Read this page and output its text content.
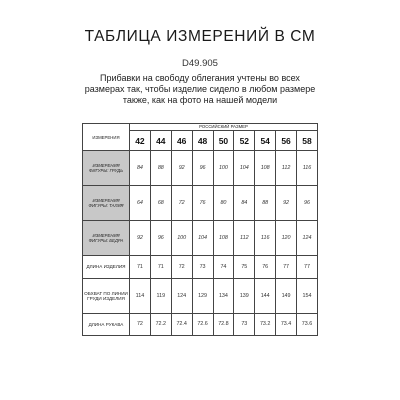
ТАБЛИЦА ИЗМЕРЕНИЙ В СМ
D49.905
Прибавки на свободу облегания учтены во всех размерах так, чтобы изделие сидело в любом размере также, как на фото на нашей модели
ИЗМЕРЕНИЯ	РОССИЙСКИЙ РАЗМЕР								
	42	44	46	48	50	52	54	56	58
ИЗМЕРЕНИЯ ФИГУРЫ: ГРУДЬ	84	88	92	96	100	104	108	112	116
ИЗМЕРЕНИЯ ФИГУРЫ: ТАЛИЯ	64	68	72	76	80	84	88	92	96
ИЗМЕРЕНИЯ ФИГУРЫ: БЕДРА	92	96	100	104	108	112	116	120	124
ДЛИНА ИЗДЕЛИЯ	71	71	72	73	74	75	76	77	77
ОБХВАТ ПО ЛИНИИ ГРУДИ ИЗДЕЛИЯ	114	119	124	129	134	139	144	149	154
ДЛИНА РУКАВА	72	72.2	72.4	72.6	72.8	73	73.2	73.4	73.6
